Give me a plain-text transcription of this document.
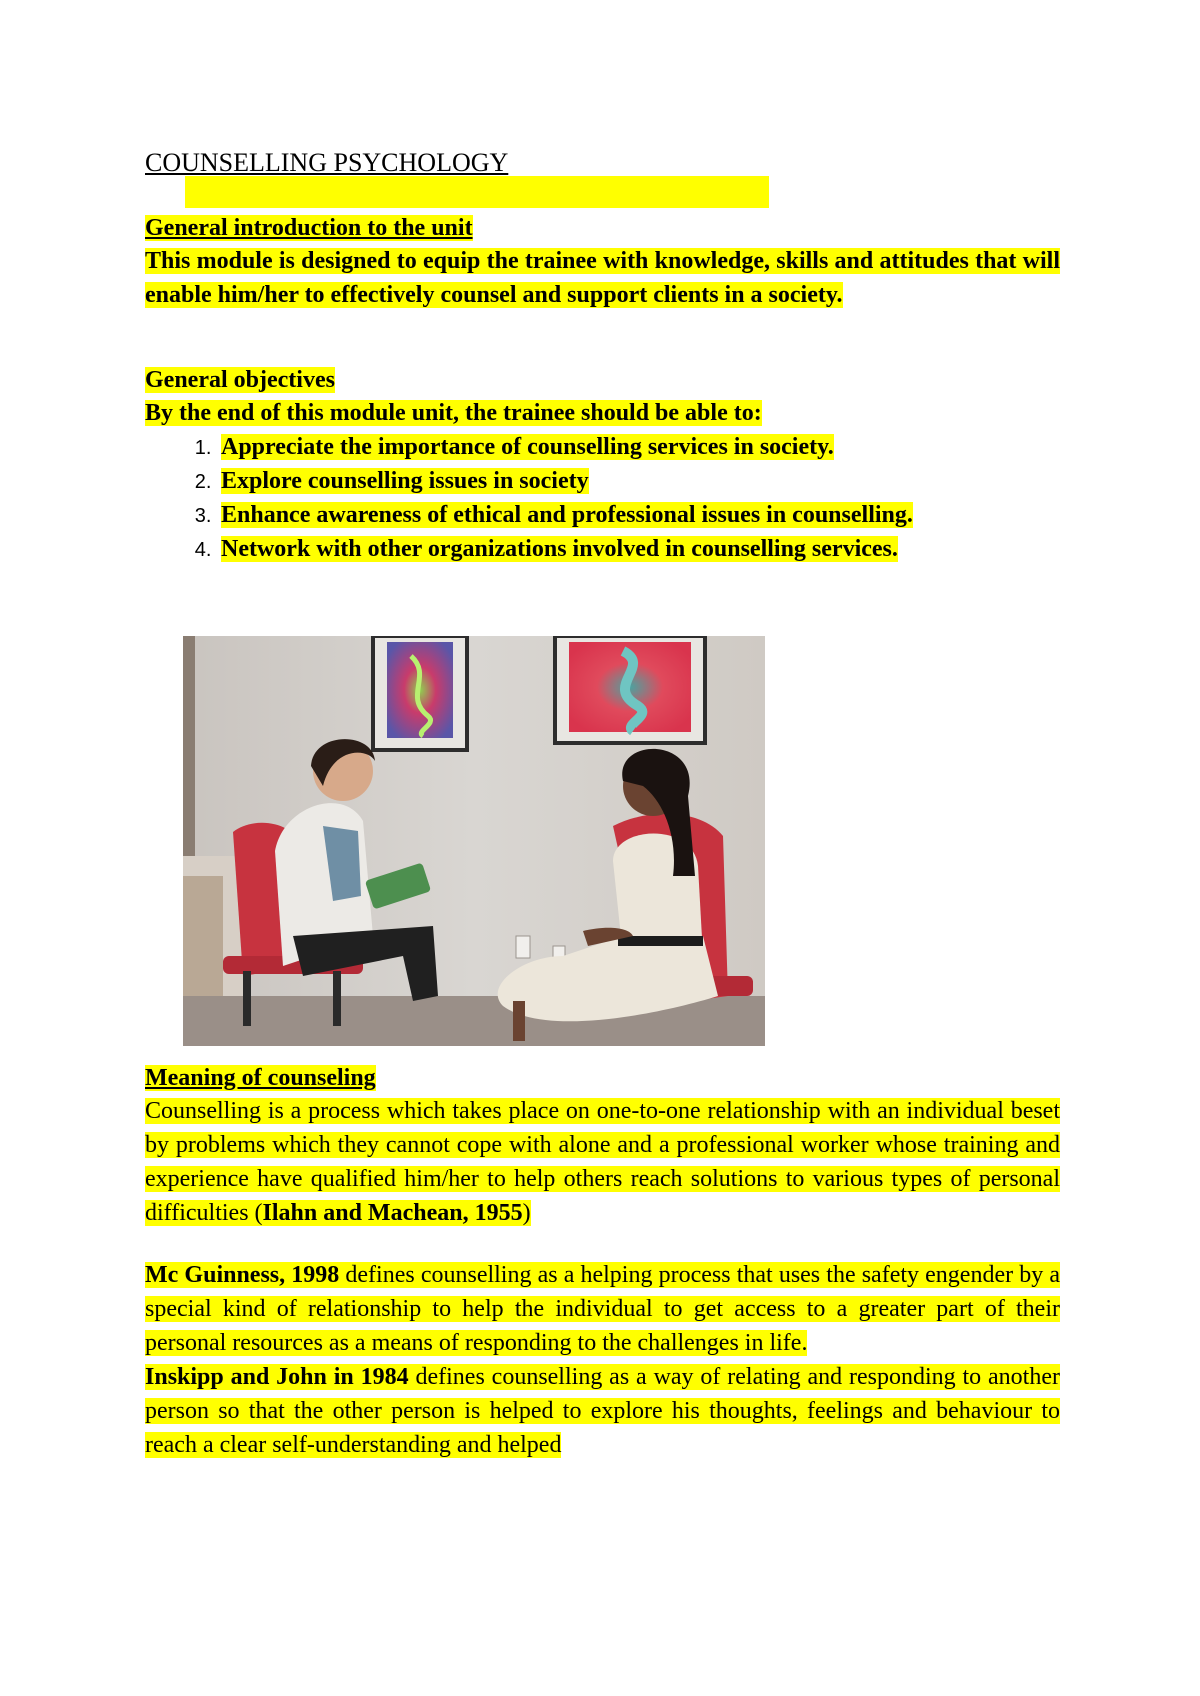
COUNSELLING PSYCHOLOGY
General introduction to the unit

This module is designed to equip the trainee with knowledge, skills and attitudes that will enable him/her to effectively counsel and support clients in a society.

General objectives

By the end of this module unit, the trainee should be able to:

1. Appreciate the importance of counselling services in society.
2. Explore counselling issues in society
3. Enhance awareness of ethical and professional issues in counselling.
4. Network with other organizations involved in counselling services.
Meaning of counseling

Counselling is a process which takes place on one-to-one relationship with an individual beset by problems which they cannot cope with alone and a professional worker whose training and experience have qualified him/her to help others reach solutions to various types of personal difficulties (Ilahn and Machean, 1955)

Mc Guinness, 1998 defines counselling as a helping process that uses the safety engender by a special kind of relationship to help the individual to get access to a greater part of their personal resources as a means of responding to the challenges in life.

Inskipp and John in 1984 defines counselling as a way of relating and responding to another person so that the other person is helped to explore his thoughts, feelings and behaviour to reach a clear self-understanding and helped
